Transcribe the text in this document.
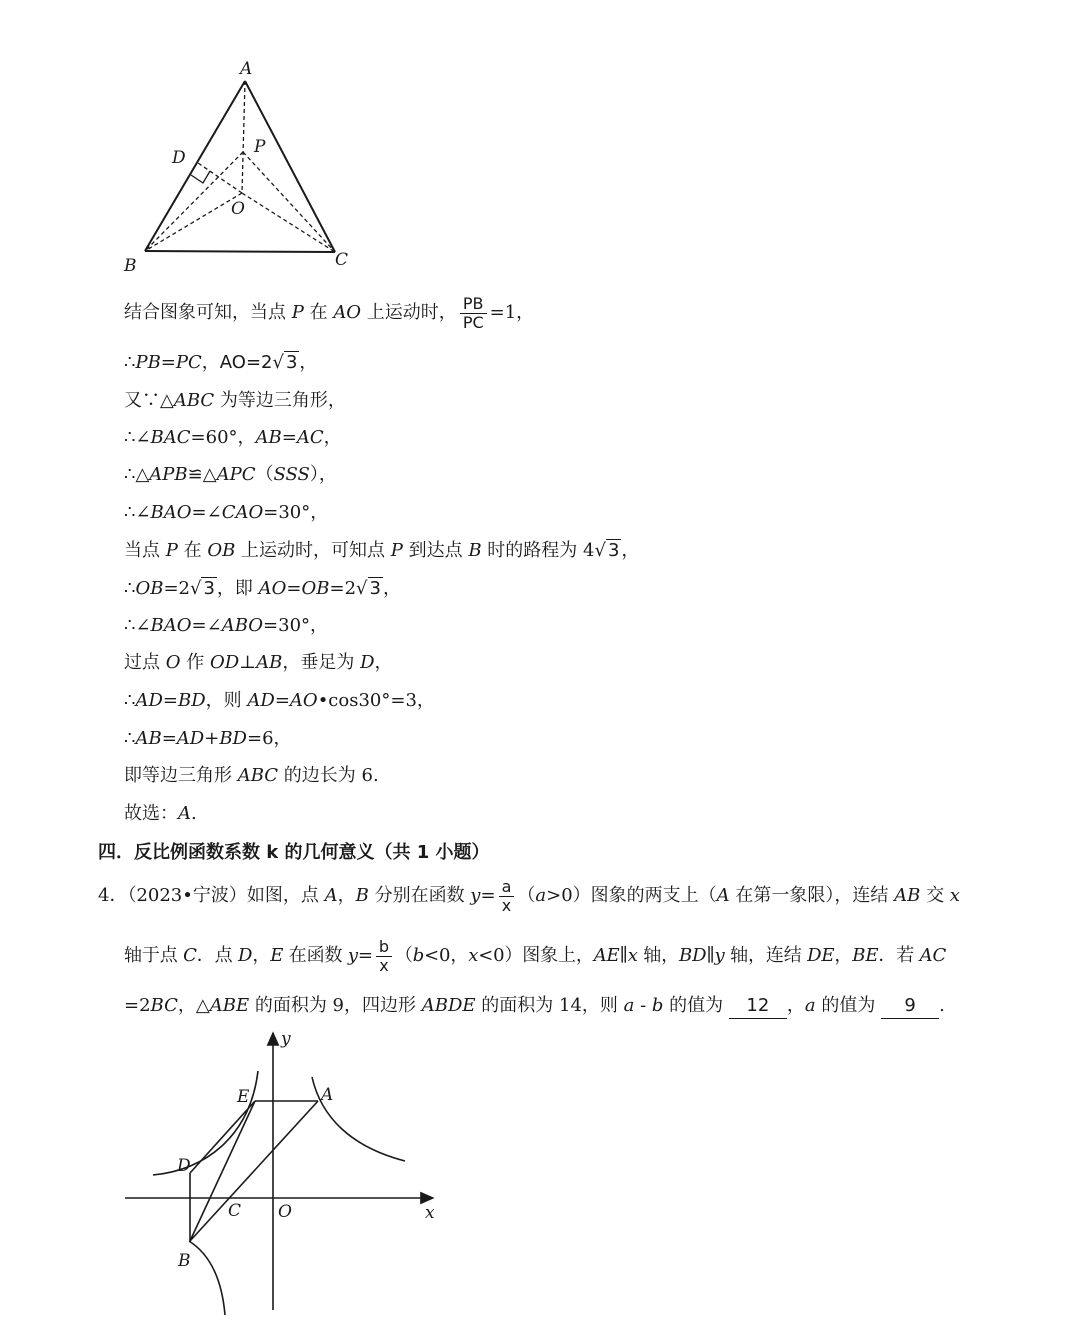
A
D
P
O
B	C
结合图象可知，当点 P 在 AO 上运动时， $\frac{PB}{PC} =1$，
∴PB=PC，AO=2√ 3 ，
又∵△ABC 为等边三角形，
∴∠BAC=60°，AB=AC，
∴△APB≌△APC（SSS），
∴∠BAO=∠CAO=30°，
当点 P 在 OB 上运动时，可知点 P 到达点 B 时的路程为 4√ 3 ，
∴OB=2√ 3 ，即 AO=OB=2√ 3 ，
∴∠BAO=∠ABO=30°，
过点 O 作 OD⊥AB，垂足为 D，
∴AD=BD，则 AD=AO•cos30°=3，
∴AB=AD+BD=6，
即等边三角形 ABC 的边长为 6.
故选：A.
四．反比例函数系数 k 的几何意义（共 1 小题）
4．（2023•宁波）如图，点 A，B 分别在函数 $y= \frac{a}{x} (a>0)$图象的两支上（A 在第一象限），连结 AB 交 x
轴于点 C．点 D，E 在函数 $y= \frac{b}{x} (b<0$，x<0）图象上，AE∥x 轴，BD∥y 轴，连结 DE，BE．若 AC
=2BC，△ABE 的面积为 9，四边形 ABDE 的面积为 14，则 a - b 的值为 12 ，a 的值为 9 .
y
x
E	A
D
C O
B
